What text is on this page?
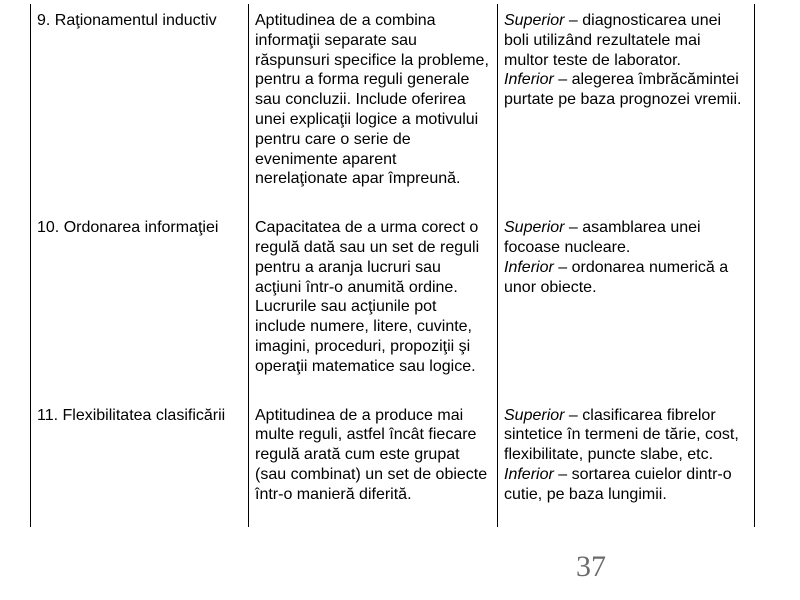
9. Raţionamentul inductiv	Aptitudinea de a combina informaţii separate sau răspunsuri specifice la probleme, pentru a forma reguli generale sau concluzii. Include oferirea unei explicaţii logice a motivului pentru care o serie de evenimente aparent nerelaţionate apar împreună.	Superior – diagnosticarea unei boli utilizând rezultatele mai multor teste de laborator.
Inferior – alegerea îmbrăcămintei purtate pe baza prognozei vremii.
10. Ordonarea informaţiei	Capacitatea de a urma corect o regulă dată sau un set de reguli pentru a aranja lucruri sau acţiuni într-o anumită ordine. Lucrurile sau acţiunile pot include numere, litere, cuvinte, imagini, proceduri, propoziţii şi operaţii matematice sau logice.	Superior – asamblarea unei focoase nucleare.
Inferior – ordonarea numerică a unor obiecte.
11. Flexibilitatea clasificării	Aptitudinea de a produce mai multe reguli, astfel încât fiecare regulă arată cum este grupat (sau combinat) un set de obiecte într-o manieră diferită.	Superior – clasificarea fibrelor sintetice în termeni de tărie, cost, flexibilitate, puncte slabe, etc.
Inferior – sortarea cuielor dintr-o cutie, pe baza lungimii.
37
